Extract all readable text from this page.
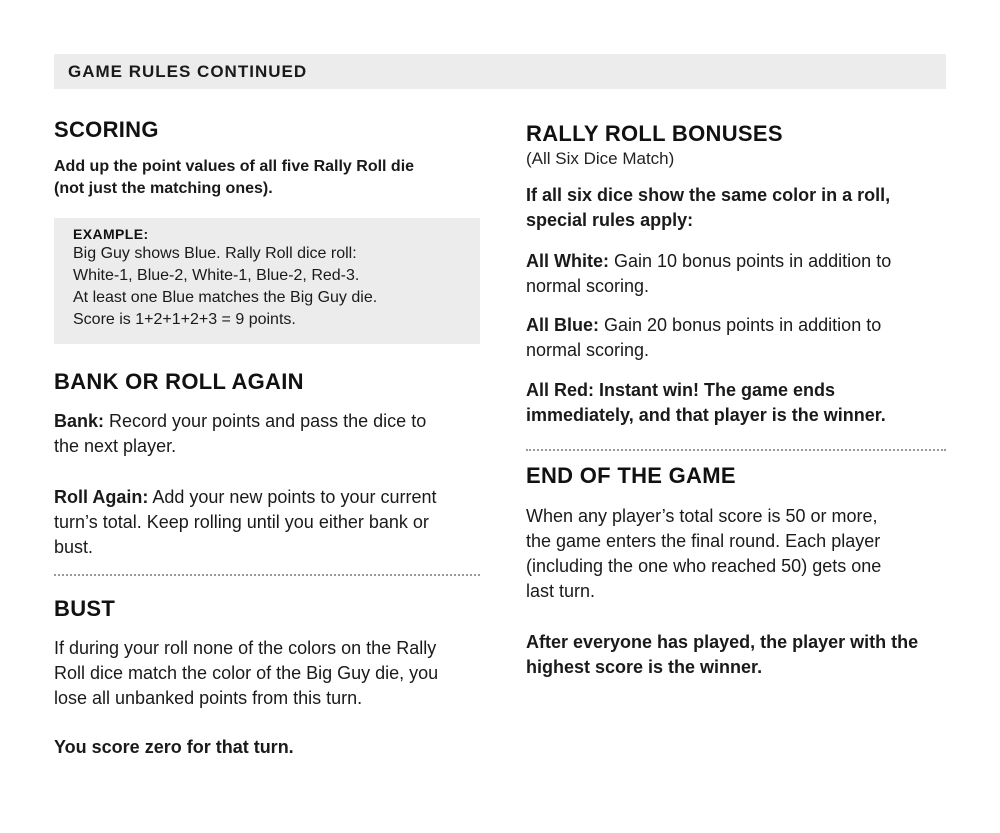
GAME RULES CONTINUED
SCORING
Add up the point values of all five Rally Roll die
(not just the matching ones).
EXAMPLE:
Big Guy shows Blue. Rally Roll dice roll:
White-1, Blue-2, White-1, Blue-2, Red-3.
At least one Blue matches the Big Guy die.
Score is 1+2+1+2+3 = 9 points.
BANK OR ROLL AGAIN
Bank: Record your points and pass the dice to
the next player.
Roll Again: Add your new points to your current
turn’s total. Keep rolling until you either bank or
bust.
BUST
If during your roll none of the colors on the Rally
Roll dice match the color of the Big Guy die, you
lose all unbanked points from this turn.
You score zero for that turn.
RALLY ROLL BONUSES
(All Six Dice Match)
If all six dice show the same color in a roll,
special rules apply:
All White: Gain 10 bonus points in addition to
normal scoring.
All Blue: Gain 20 bonus points in addition to
normal scoring.
All Red: Instant win! The game ends
immediately, and that player is the winner.
END OF THE GAME
When any player’s total score is 50 or more,
the game enters the final round. Each player
(including the one who reached 50) gets one
last turn.
After everyone has played, the player with the
highest score is the winner.
